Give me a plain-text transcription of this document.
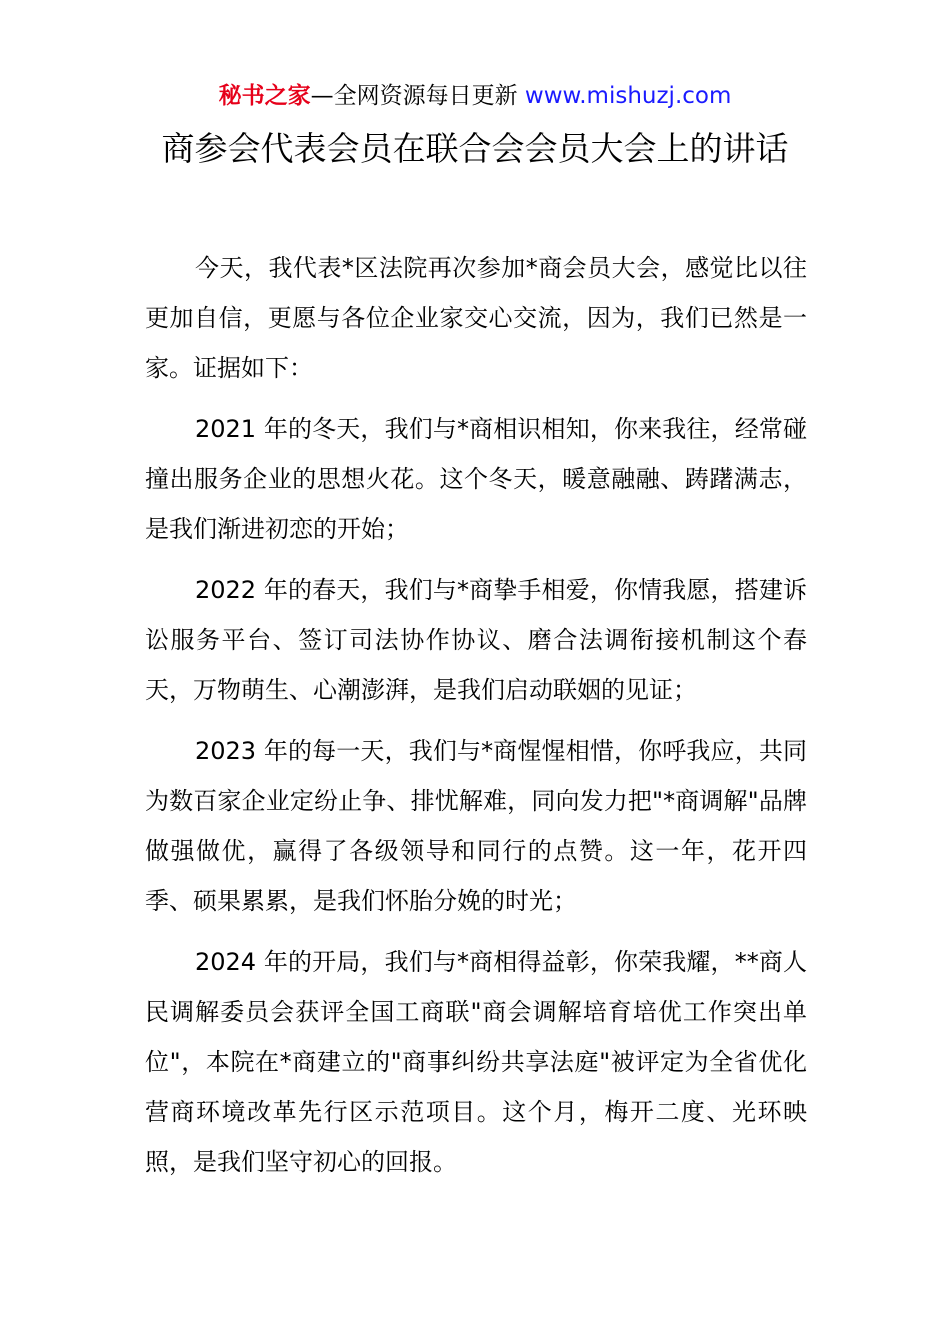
秘书之家—全网资源每日更新 www.mishuzj.com
商参会代表会员在联合会会员大会上的讲话

今天，我代表*区法院再次参加*商会员大会，感觉比以往更加自信，更愿与各位企业家交心交流，因为，我们已然是一家。证据如下：

2021 年的冬天，我们与*商相识相知，你来我往，经常碰撞出服务企业的思想火花。这个冬天，暖意融融、踌躇满志，是我们渐进初恋的开始；

2022 年的春天，我们与*商挚手相爱，你情我愿，搭建诉讼服务平台、签订司法协作协议、磨合法调衔接机制这个春天，万物萌生、心潮澎湃，是我们启动联姻的见证；

2023 年的每一天，我们与*商惺惺相惜，你呼我应，共同为数百家企业定纷止争、排忧解难，同向发力把"*商调解"品牌做强做优，赢得了各级领导和同行的点赞。这一年，花开四季、硕果累累，是我们怀胎分娩的时光；

2024 年的开局，我们与*商相得益彰，你荣我耀，**商人民调解委员会获评全国工商联"商会调解培育培优工作突出单位"，本院在*商建立的"商事纠纷共享法庭"被评定为全省优化营商环境改革先行区示范项目。这个月，梅开二度、光环映照，是我们坚守初心的回报。
